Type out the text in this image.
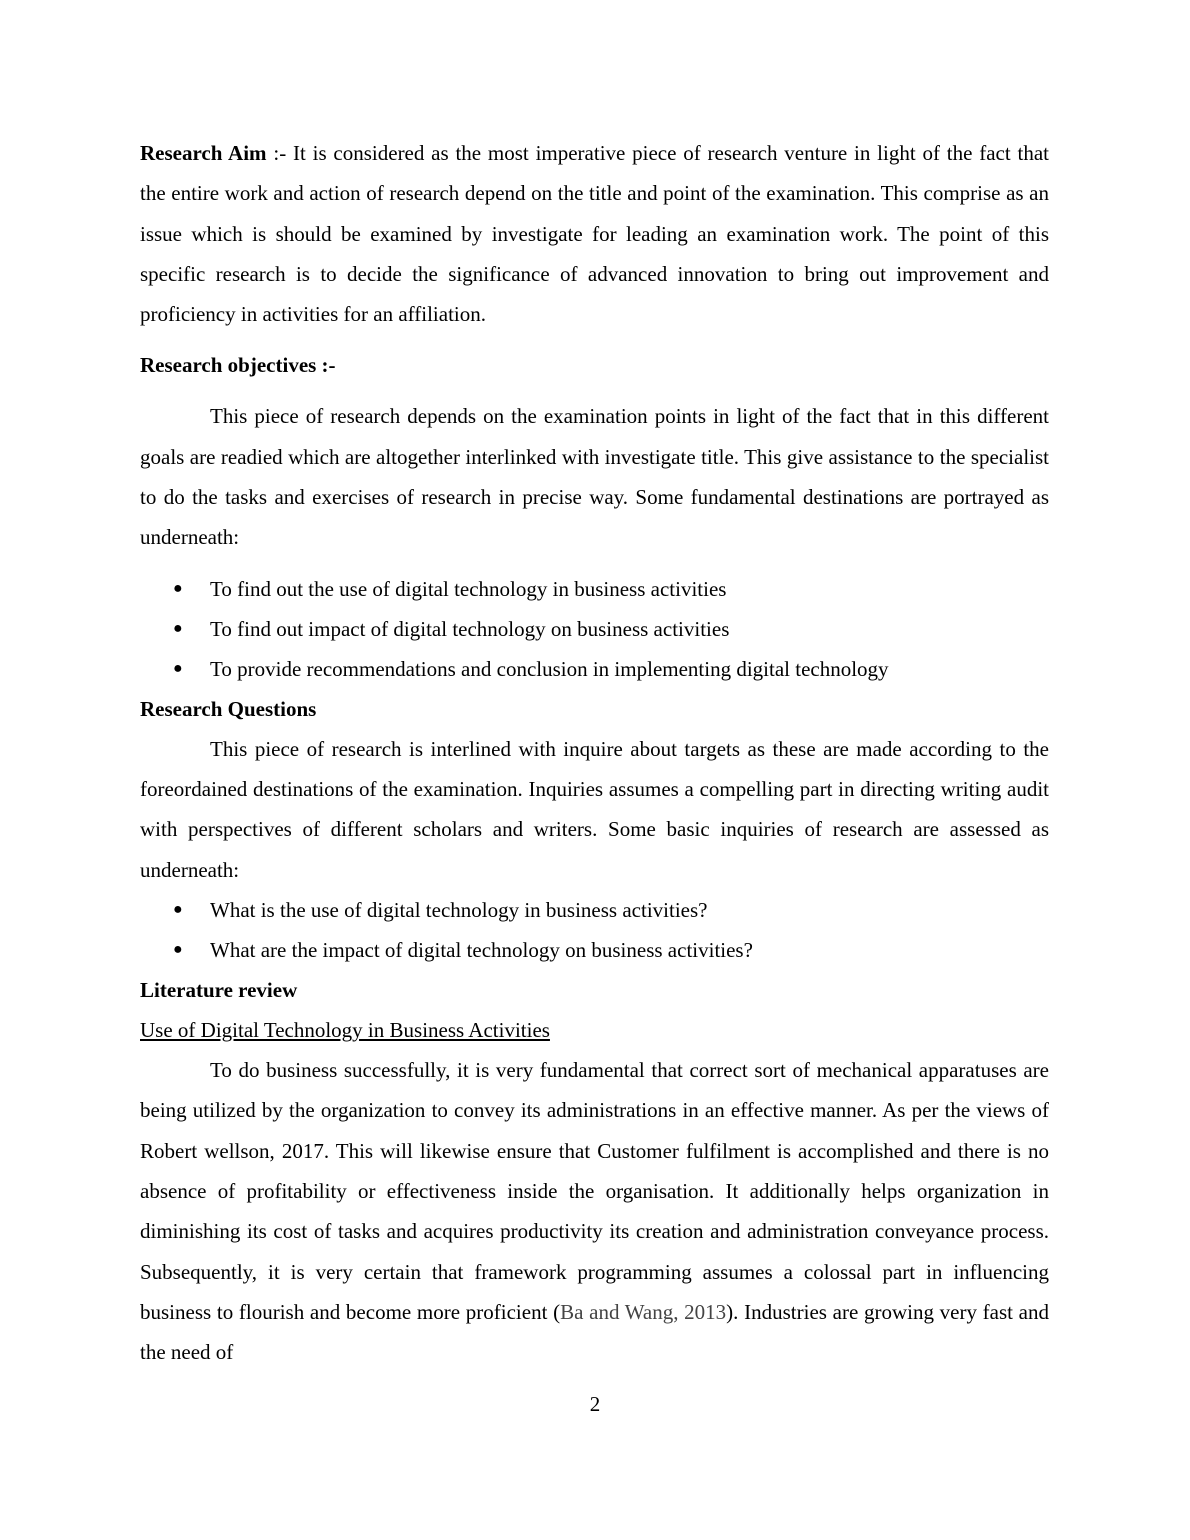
Research Aim :- It is considered as the most imperative piece of research venture in light of the fact that the entire work and action of research depend on the title and point of the examination. This comprise as an issue which is should be examined by investigate for leading an examination work. The point of this specific research is to decide the significance of advanced innovation to bring out improvement and proficiency in activities for an affiliation.

Research objectives :-

This piece of research depends on the examination points in light of the fact that in this different goals are readied which are altogether interlinked with investigate title. This give assistance to the specialist to do the tasks and exercises of research in precise way. Some fundamental destinations are portrayed as underneath:

● To find out the use of digital technology in business activities
● To find out impact of digital technology on business activities
● To provide recommendations and conclusion in implementing digital technology

Research Questions

This piece of research is interlined with inquire about targets as these are made according to the foreordained destinations of the examination. Inquiries assumes a compelling part in directing writing audit with perspectives of different scholars and writers. Some basic inquiries of research are assessed as underneath:

● What is the use of digital technology in business activities?
● What are the impact of digital technology on business activities?

Literature review

Use of Digital Technology in Business Activities

To do business successfully, it is very fundamental that correct sort of mechanical apparatuses are being utilized by the organization to convey its administrations in an effective manner. As per the views of Robert wellson, 2017. This will likewise ensure that Customer fulfilment is accomplished and there is no absence of profitability or effectiveness inside the organisation. It additionally helps organization in diminishing its cost of tasks and acquires productivity its creation and administration conveyance process. Subsequently, it is very certain that framework programming assumes a colossal part in influencing business to flourish and become more proficient (Ba and Wang, 2013). Industries are growing very fast and the need of

2
